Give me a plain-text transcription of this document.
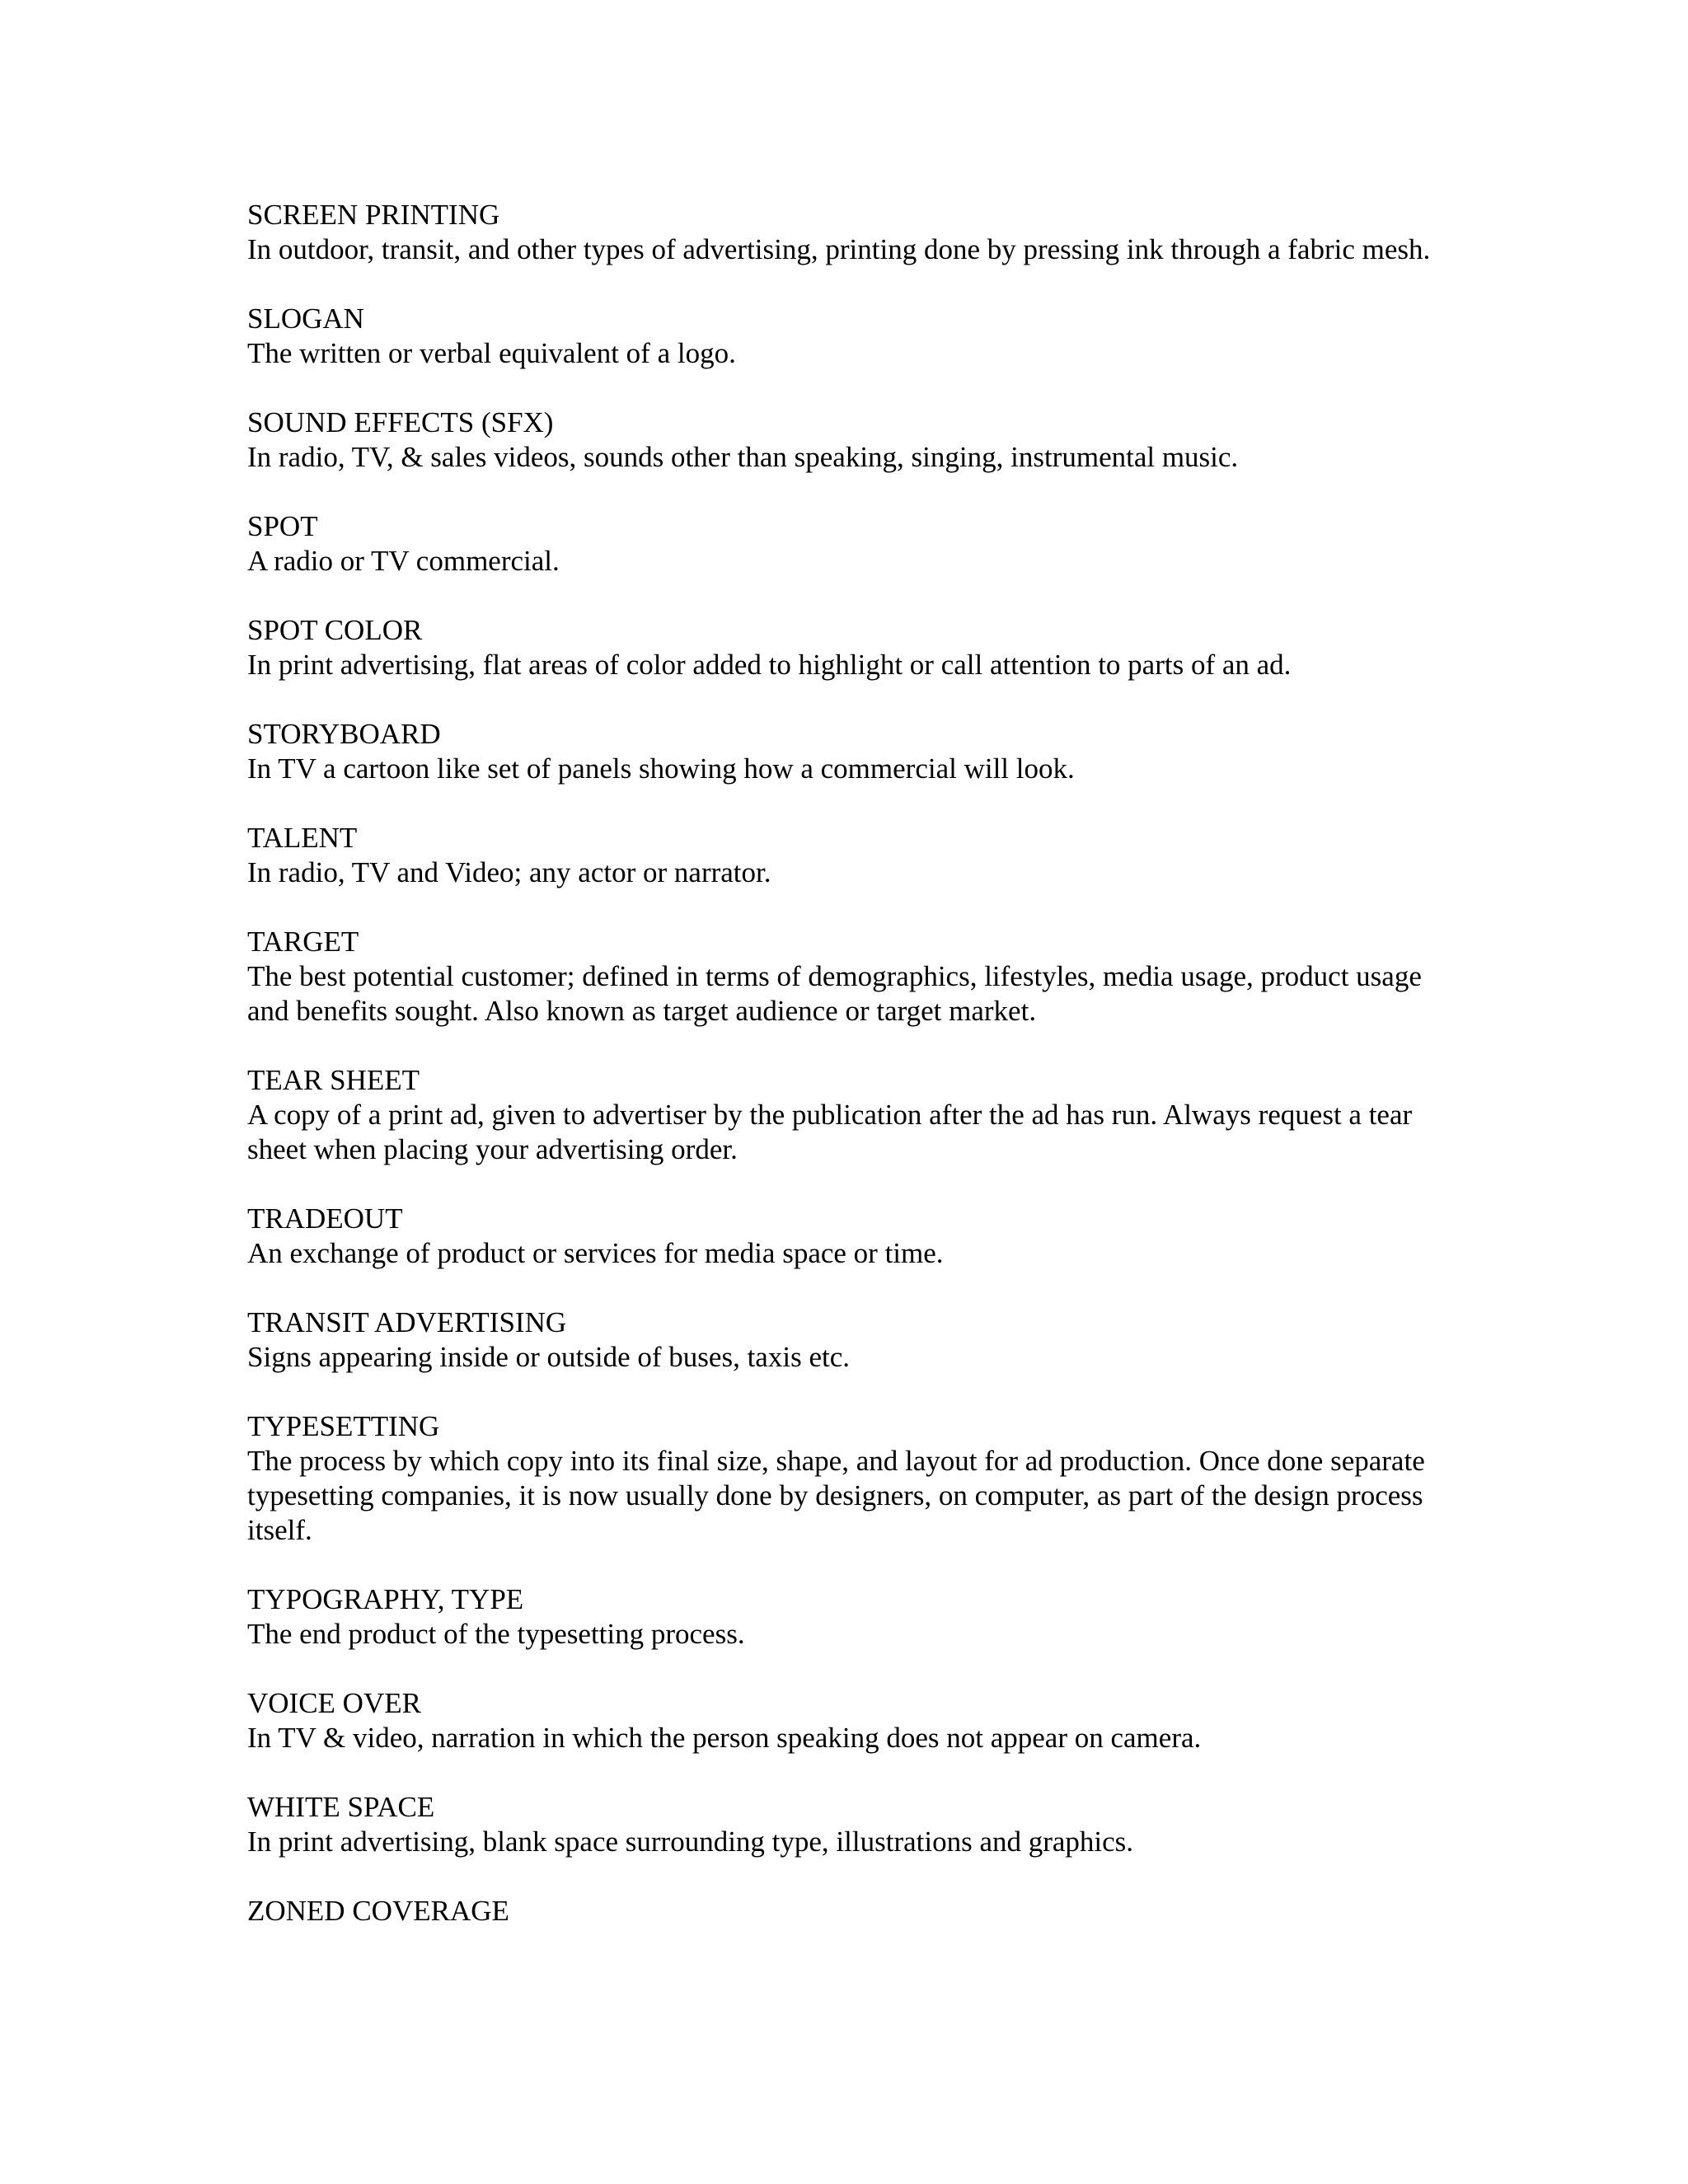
SCREEN PRINTING
In outdoor, transit, and other types of advertising, printing done by pressing ink through a fabric mesh.
SLOGAN
The written or verbal equivalent of a logo.
SOUND EFFECTS (SFX)
In radio, TV, & sales videos, sounds other than speaking, singing, instrumental music.
SPOT
A radio or TV commercial.
SPOT COLOR
In print advertising, flat areas of color added to highlight or call attention to parts of an ad.
STORYBOARD
In TV a cartoon like set of panels showing how a commercial will look.
TALENT
In radio, TV and Video; any actor or narrator.
TARGET
The best potential customer; defined in terms of demographics, lifestyles, media usage, product usage and benefits sought. Also known as target audience or target market.
TEAR SHEET
A copy of a print ad, given to advertiser by the publication after the ad has run. Always request a tear sheet when placing your advertising order.
TRADEOUT
An exchange of product or services for media space or time.
TRANSIT ADVERTISING
Signs appearing inside or outside of buses, taxis etc.
TYPESETTING
The process by which copy into its final size, shape, and layout for ad production. Once done separate typesetting companies, it is now usually done by designers, on computer, as part of the design process itself.
TYPOGRAPHY, TYPE
The end product of the typesetting process.
VOICE OVER
In TV & video, narration in which the person speaking does not appear on camera.
WHITE SPACE
In print advertising, blank space surrounding type, illustrations and graphics.
ZONED COVERAGE
